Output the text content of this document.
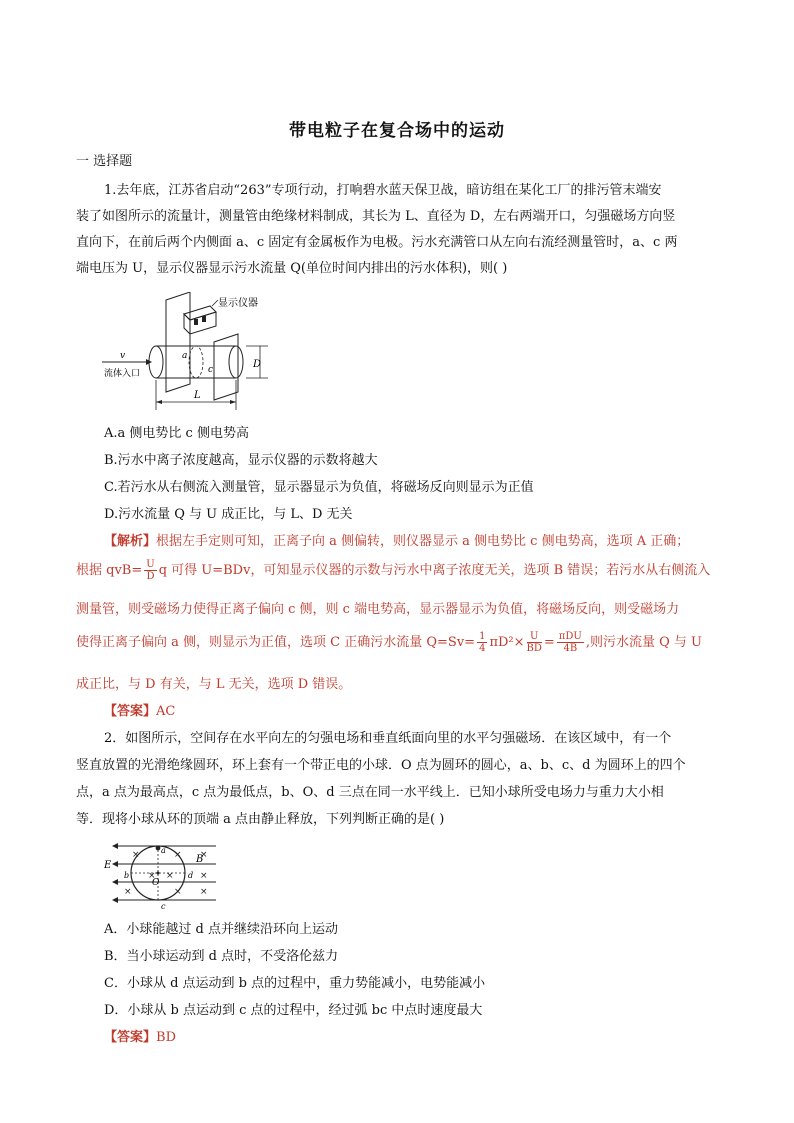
带电粒子在复合场中的运动
一 选择题
1.去年底，江苏省启动“263”专项行动，打响碧水蓝天保卫战，暗访组在某化工厂的排污管末端安
装了如图所示的流量计，测量管由绝缘材料制成，其长为 L、直径为 D，左右两端开口，匀强磁场方向竖
直向下，在前后两个内侧面 a、c 固定有金属板作为电极。污水充满管口从左向右流经测量管时，a、c 两
端电压为 U，显示仪器显示污水流量 Q(单位时间内排出的污水体积)，则( )
显示仪器
v
流体入口
a
c	D
L
A.a 侧电势比 c 侧电势高
B.污水中离子浓度越高，显示仪器的示数将越大
C.若污水从右侧流入测量管，显示器显示为负值，将磁场反向则显示为正值
D.污水流量 Q 与 U 成正比，与 L、D 无关
【解析】根据左手定则可知，正离子向 a 侧偏转，则仪器显示 a 侧电势比 c 侧电势高，选项 A 正确；
根据 $qvB= \frac{U}{D}$ q 可得 U=BDv，可知显示仪器的示数与污水中离子浓度无关，选项 B 错误；若污水从右侧流入
测量管，则受磁场力使得正离子偏向 c 侧，则 c 端电势高，显示器显示为负值，将磁场反向，则受磁场力
使得正离子偏向 a 侧，则显示为正值，选项 C 正确污水流量 $Q=Sv= \frac{1}{4} \pi D^2\times \frac{U}{BD} = \frac{\text{πDU}}{4B}$ ,则污水流量 Q 与 U
成正比，与 D 有关，与 L 无关，选项 D 错误。
【答案】AC
2．如图所示，空间存在水平向左的匀强电场和垂直纸面向里的水平匀强磁场．在该区域中，有一个
竖直放置的光滑绝缘圆环，环上套有一个带正电的小球．O 点为圆环的圆心，a、b、c、d 为圆环上的四个
点，a 点为最高点，c 点为最低点，b、O、d 三点在同一水平线上．已知小球所受电场力与重力大小相
等．现将小球从环的顶端 a 点由静止释放，下列判断正确的是( )
×	× ×
× ×	×
×	× ×
E
B
a
b	d
c
O
A．小球能越过 d 点并继续沿环向上运动
B．当小球运动到 d 点时，不受洛伦兹力
C．小球从 d 点运动到 b 点的过程中，重力势能减小，电势能减小
D．小球从 b 点运动到 c 点的过程中，经过弧 bc 中点时速度最大
【答案】BD
